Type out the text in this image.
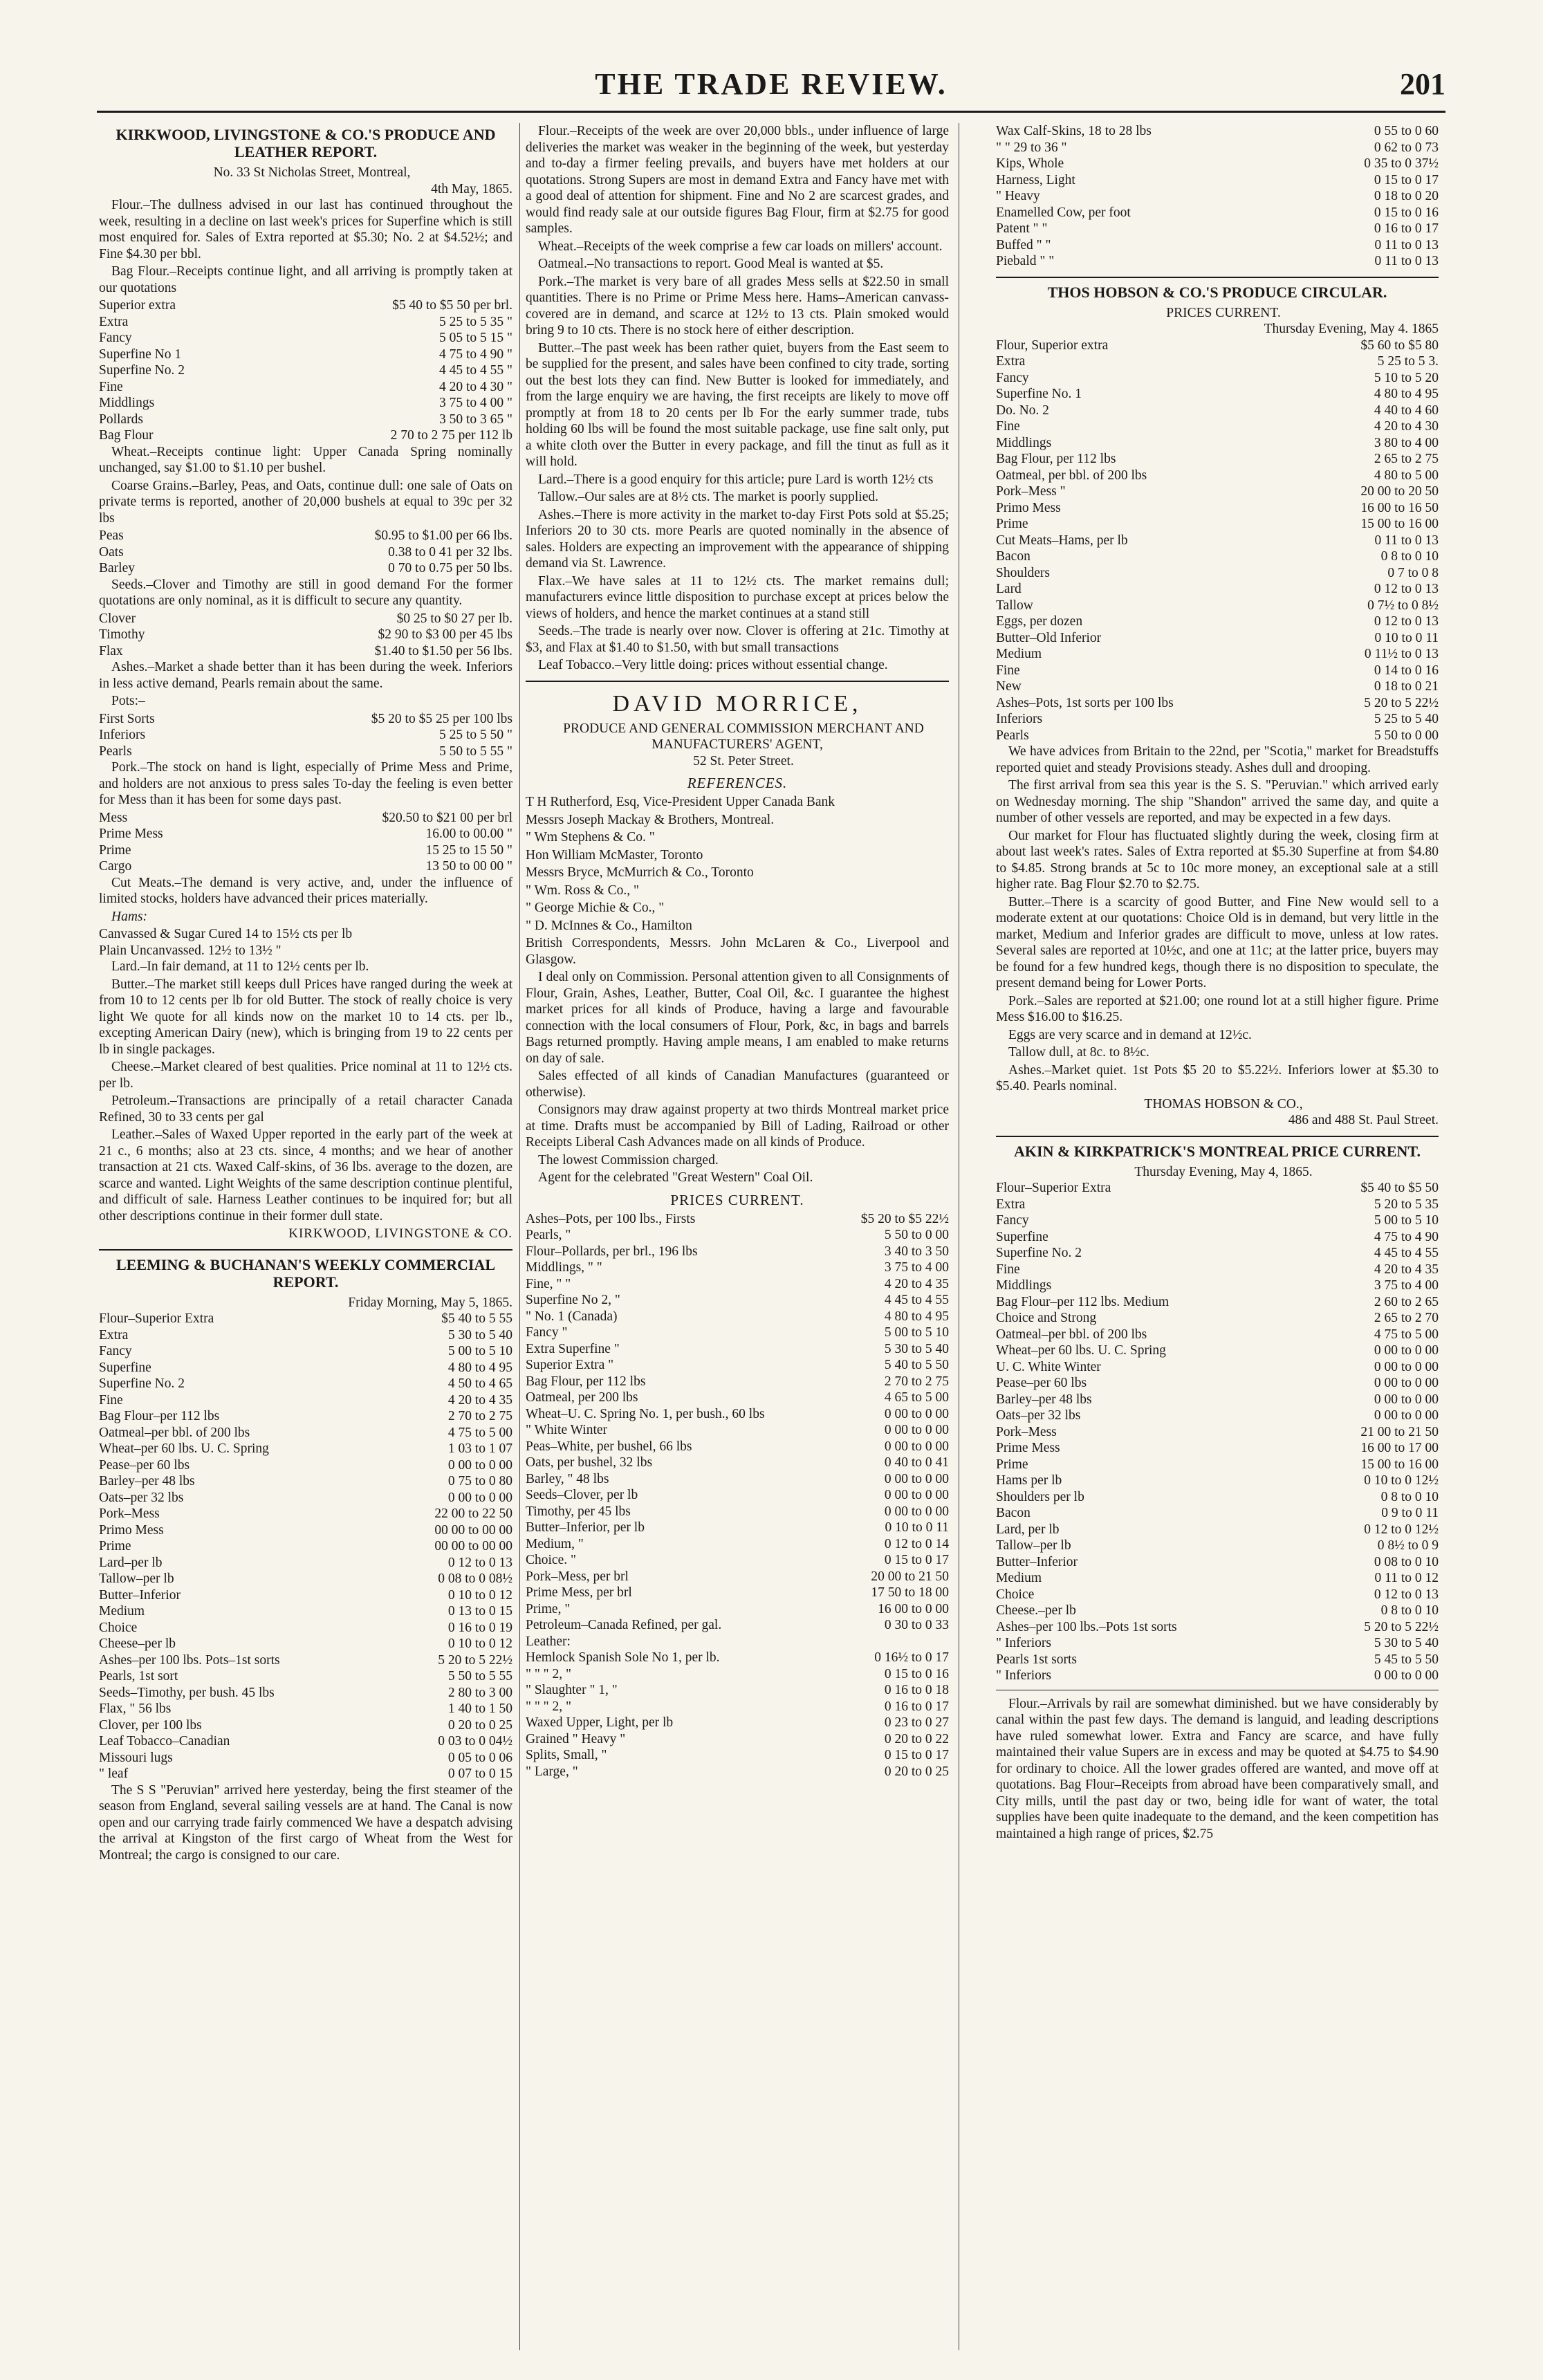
THE TRADE REVIEW.	201
KIRKWOOD, LIVINGSTONE & CO.'S PRODUCE AND LEATHER REPORT.

No. 33 St Nicholas Street, Montreal,

4th May, 1865.

Flour.–The dullness advised in our last has continued throughout the week, resulting in a decline on last week's prices for Superfine which is still most enquired for. Sales of Extra reported at $5.30; No. 2 at $4.52½; and Fine $4.30 per bbl.

Bag Flour.–Receipts continue light, and all arriving is promptly taken at our quotations

Superior extra	$5 40 to $5 50 per brl.
Extra	5 25 to 5 35 "
Fancy	5 05 to 5 15 "
Superfine No 1	4 75 to 4 90 "
Superfine No. 2	4 45 to 4 55 "
Fine	4 20 to 4 30 "
Middlings	3 75 to 4 00 "
Pollards	3 50 to 3 65 "
Bag Flour	2 70 to 2 75 per 112 lb

Wheat.–Receipts continue light: Upper Canada Spring nominally unchanged, say $1.00 to $1.10 per bushel.

Coarse Grains.–Barley, Peas, and Oats, continue dull: one sale of Oats on private terms is reported, another of 20,000 bushels at equal to 39c per 32 lbs

Peas	$0.95 to $1.00 per 66 lbs.
Oats	0.38 to 0 41 per 32 lbs.
Barley	0 70 to 0.75 per 50 lbs.

Seeds.–Clover and Timothy are still in good demand For the former quotations are only nominal, as it is difficult to secure any quantity.

Clover	$0 25 to $0 27 per lb.
Timothy	$2 90 to $3 00 per 45 lbs
Flax	$1.40 to $1.50 per 56 lbs.

Ashes.–Market a shade better than it has been during the week. Inferiors in less active demand, Pearls remain about the same.

Pots:–

First Sorts	$5 20 to $5 25 per 100 lbs
Inferiors	5 25 to 5 50 "
Pearls	5 50 to 5 55 "

Pork.–The stock on hand is light, especially of Prime Mess and Prime, and holders are not anxious to press sales To-day the feeling is even better for Mess than it has been for some days past.

Mess	$20.50 to $21 00 per brl
Prime Mess	16.00 to 00.00 "
Prime	15 25 to 15 50 "
Cargo	13 50 to 00 00 "

Cut Meats.–The demand is very active, and, under the influence of limited stocks, holders have advanced their prices materially.

Hams:

Canvassed & Sugar Cured 14 to 15½ cts per lb	
Plain Uncanvassed. 12½ to 13½ "	

Lard.–In fair demand, at 11 to 12½ cents per lb.

Butter.–The market still keeps dull Prices have ranged during the week at from 10 to 12 cents per lb for old Butter. The stock of really choice is very light We quote for all kinds now on the market 10 to 14 cts. per lb., excepting American Dairy (new), which is bringing from 19 to 22 cents per lb in single packages.

Cheese.–Market cleared of best qualities. Price nominal at 11 to 12½ cts. per lb.

Petroleum.–Transactions are principally of a retail character Canada Refined, 30 to 33 cents per gal

Leather.–Sales of Waxed Upper reported in the early part of the week at 21 c., 6 months; also at 23 cts. since, 4 months; and we hear of another transaction at 21 cts. Waxed Calf-skins, of 36 lbs. average to the dozen, are scarce and wanted. Light Weights of the same description continue plentiful, and difficult of sale. Harness Leather continues to be inquired for; but all other descriptions continue in their former dull state.

KIRKWOOD, LIVINGSTONE & CO.

LEEMING & BUCHANAN'S WEEKLY COMMERCIAL REPORT.

Friday Morning, May 5, 1865.

Flour–Superior Extra	$5 40 to 5 55
Extra	5 30 to 5 40
Fancy	5 00 to 5 10
Superfine	4 80 to 4 95
Superfine No. 2	4 50 to 4 65
Fine	4 20 to 4 35
Bag Flour–per 112 lbs	2 70 to 2 75
Oatmeal–per bbl. of 200 lbs	4 75 to 5 00
Wheat–per 60 lbs. U. C. Spring	1 03 to 1 07
Pease–per 60 lbs	0 00 to 0 00
Barley–per 48 lbs	0 75 to 0 80
Oats–per 32 lbs	0 00 to 0 00
Pork–Mess	22 00 to 22 50
Primo Mess	00 00 to 00 00
Prime	00 00 to 00 00
Lard–per lb	0 12 to 0 13
Tallow–per lb	0 08 to 0 08½
Butter–Inferior	0 10 to 0 12
Medium	0 13 to 0 15
Choice	0 16 to 0 19
Cheese–per lb	0 10 to 0 12
Ashes–per 100 lbs. Pots–1st sorts	5 20 to 5 22½
Pearls, 1st sort	5 50 to 5 55
Seeds–Timothy, per bush. 45 lbs	2 80 to 3 00
Flax, " 56 lbs	1 40 to 1 50
Clover, per 100 lbs	0 20 to 0 25
Leaf Tobacco–Canadian	0 03 to 0 04½
Missouri lugs	0 05 to 0 06
" leaf	0 07 to 0 15

The S S "Peruvian" arrived here yesterday, being the first steamer of the season from England, several sailing vessels are at hand. The Canal is now open and our carrying trade fairly commenced We have a despatch advising the arrival at Kingston of the first cargo of Wheat from the West for Montreal; the cargo is consigned to our care.

Flour.–Receipts of the week are over 20,000 bbls., under influence of large deliveries the market was weaker in the beginning of the week, but yesterday and to-day a firmer feeling prevails, and buyers have met holders at our quotations. Strong Supers are most in demand Extra and Fancy have met with a good deal of attention for shipment. Fine and No 2 are scarcest grades, and would find ready sale at our outside figures Bag Flour, firm at $2.75 for good samples.

Wheat.–Receipts of the week comprise a few car loads on millers' account.

Oatmeal.–No transactions to report. Good Meal is wanted at $5.

Pork.–The market is very bare of all grades Mess sells at $22.50 in small quantities. There is no Prime or Prime Mess here. Hams–American canvass-covered are in demand, and scarce at 12½ to 13 cts. Plain smoked would bring 9 to 10 cts. There is no stock here of either description.

Butter.–The past week has been rather quiet, buyers from the East seem to be supplied for the present, and sales have been confined to city trade, sorting out the best lots they can find. New Butter is looked for immediately, and from the large enquiry we are having, the first receipts are likely to move off promptly at from 18 to 20 cents per lb For the early summer trade, tubs holding 60 lbs will be found the most suitable package, use fine salt only, put a white cloth over the Butter in every package, and fill the tinut as full as it will hold.

Lard.–There is a good enquiry for this article; pure Lard is worth 12½ cts

Tallow.–Our sales are at 8½ cts. The market is poorly supplied.

Ashes.–There is more activity in the market to-day First Pots sold at $5.25; Inferiors 20 to 30 cts. more Pearls are quoted nominally in the absence of sales. Holders are expecting an improvement with the appearance of shipping demand via St. Lawrence.

Flax.–We have sales at 11 to 12½ cts. The market remains dull; manufacturers evince little disposition to purchase except at prices below the views of holders, and hence the market continues at a stand still

Seeds.–The trade is nearly over now. Clover is offering at 21c. Timothy at $3, and Flax at $1.40 to $1.50, with but small transactions

Leaf Tobacco.–Very little doing: prices without essential change.

DAVID MORRICE,

PRODUCE AND GENERAL COMMISSION MERCHANT AND MANUFACTURERS' AGENT,

52 St. Peter Street.

REFERENCES.

T H Rutherford, Esq, Vice-President Upper Canada Bank

Messrs Joseph Mackay & Brothers, Montreal.

" Wm Stephens & Co. "

Hon William McMaster, Toronto

Messrs Bryce, McMurrich & Co., Toronto

" Wm. Ross & Co., "

" George Michie & Co., "

" D. McInnes & Co., Hamilton

British Correspondents, Messrs. John McLaren & Co., Liverpool and Glasgow.

I deal only on Commission. Personal attention given to all Consignments of Flour, Grain, Ashes, Leather, Butter, Coal Oil, &c. I guarantee the highest market prices for all kinds of Produce, having a large and favourable connection with the local consumers of Flour, Pork, &c, in bags and barrels Bags returned promptly. Having ample means, I am enabled to make returns on day of sale.

Sales effected of all kinds of Canadian Manufactures (guaranteed or otherwise).

Consignors may draw against property at two thirds Montreal market price at time. Drafts must be accompanied by Bill of Lading, Railroad or other Receipts Liberal Cash Advances made on all kinds of Produce.

The lowest Commission charged.

Agent for the celebrated "Great Western" Coal Oil.

PRICES CURRENT.
Ashes–Pots, per 100 lbs., Firsts	$5 20 to $5 22½
Pearls, "	5 50 to 0 00
Flour–Pollards, per brl., 196 lbs	3 40 to 3 50
Middlings, " "	3 75 to 4 00
Fine, " "	4 20 to 4 35
Superfine No 2, "	4 45 to 4 55
" No. 1 (Canada)	4 80 to 4 95
Fancy "	5 00 to 5 10
Extra Superfine "	5 30 to 5 40
Superior Extra "	5 40 to 5 50
Bag Flour, per 112 lbs	2 70 to 2 75
Oatmeal, per 200 lbs	4 65 to 5 00
Wheat–U. C. Spring No. 1, per bush., 60 lbs	0 00 to 0 00
" White Winter	0 00 to 0 00
Peas–White, per bushel, 66 lbs	0 00 to 0 00
Oats, per bushel, 32 lbs	0 40 to 0 41
Barley, " 48 lbs	0 00 to 0 00
Seeds–Clover, per lb	0 00 to 0 00
Timothy, per 45 lbs	0 00 to 0 00
Butter–Inferior, per lb	0 10 to 0 11
Medium, "	0 12 to 0 14
Choice. "	0 15 to 0 17
Pork–Mess, per brl	20 00 to 21 50
Prime Mess, per brl	17 50 to 18 00
Prime, "	16 00 to 0 00
Petroleum–Canada Refined, per gal.	0 30 to 0 33
Leather:	
Hemlock Spanish Sole No 1, per lb.	0 16½ to 0 17
" " " 2, "	0 15 to 0 16
" Slaughter " 1, "	0 16 to 0 18
" " " 2, "	0 16 to 0 17
Waxed Upper, Light, per lb	0 23 to 0 27
Grained " Heavy "	0 20 to 0 22
Splits, Small, "	0 15 to 0 17
" Large, "	0 20 to 0 25
Wax Calf-Skins, 18 to 28 lbs	0 55 to 0 60
" " 29 to 36 "	0 62 to 0 73
Kips, Whole	0 35 to 0 37½
Harness, Light	0 15 to 0 17
" Heavy	0 18 to 0 20
Enamelled Cow, per foot	0 15 to 0 16
Patent " "	0 16 to 0 17
Buffed " "	0 11 to 0 13
Piebald " "	0 11 to 0 13
THOS HOBSON & CO.'S PRODUCE CIRCULAR.

PRICES CURRENT.

Thursday Evening, May 4. 1865

Flour, Superior extra	$5 60 to $5 80
Extra	5 25 to 5 3.
Fancy	5 10 to 5 20
Superfine No. 1	4 80 to 4 95
Do. No. 2	4 40 to 4 60
Fine	4 20 to 4 30
Middlings	3 80 to 4 00
Bag Flour, per 112 lbs	2 65 to 2 75
Oatmeal, per bbl. of 200 lbs	4 80 to 5 00
Pork–Mess "	20 00 to 20 50
Primo Mess	16 00 to 16 50
Prime	15 00 to 16 00
Cut Meats–Hams, per lb	0 11 to 0 13
Bacon	0 8 to 0 10
Shoulders	0 7 to 0 8
Lard	0 12 to 0 13
Tallow	0 7½ to 0 8½
Eggs, per dozen	0 12 to 0 13
Butter–Old Inferior	0 10 to 0 11
Medium	0 11½ to 0 13
Fine	0 14 to 0 16
New	0 18 to 0 21
Ashes–Pots, 1st sorts per 100 lbs	5 20 to 5 22½
Inferiors	5 25 to 5 40
Pearls	5 50 to 0 00

We have advices from Britain to the 22nd, per "Scotia," market for Breadstuffs reported quiet and steady Provisions steady. Ashes dull and drooping.

The first arrival from sea this year is the S. S. "Peruvian." which arrived early on Wednesday morning. The ship "Shandon" arrived the same day, and quite a number of other vessels are reported, and may be expected in a few days.

Our market for Flour has fluctuated slightly during the week, closing firm at about last week's rates. Sales of Extra reported at $5.30 Superfine at from $4.80 to $4.85. Strong brands at 5c to 10c more money, an exceptional sale at a still higher rate. Bag Flour $2.70 to $2.75.

Butter.–There is a scarcity of good Butter, and Fine New would sell to a moderate extent at our quotations: Choice Old is in demand, but very little in the market, Medium and Inferior grades are difficult to move, unless at low rates. Several sales are reported at 10½c, and one at 11c; at the latter price, buyers may be found for a few hundred kegs, though there is no disposition to speculate, the present demand being for Lower Ports.

Pork.–Sales are reported at $21.00; one round lot at a still higher figure. Prime Mess $16.00 to $16.25.

Eggs are very scarce and in demand at 12½c.

Tallow dull, at 8c. to 8½c.

Ashes.–Market quiet. 1st Pots $5 20 to $5.22½. Inferiors lower at $5.30 to $5.40. Pearls nominal.

THOMAS HOBSON & CO.,

486 and 488 St. Paul Street.

AKIN & KIRKPATRICK'S MONTREAL PRICE CURRENT.

Thursday Evening, May 4, 1865.

Flour–Superior Extra	$5 40 to $5 50
Extra	5 20 to 5 35
Fancy	5 00 to 5 10
Superfine	4 75 to 4 90
Superfine No. 2	4 45 to 4 55
Fine	4 20 to 4 35
Middlings	3 75 to 4 00
Bag Flour–per 112 lbs. Medium	2 60 to 2 65
Choice and Strong	2 65 to 2 70
Oatmeal–per bbl. of 200 lbs	4 75 to 5 00
Wheat–per 60 lbs. U. C. Spring	0 00 to 0 00
U. C. White Winter	0 00 to 0 00
Pease–per 60 lbs	0 00 to 0 00
Barley–per 48 lbs	0 00 to 0 00
Oats–per 32 lbs	0 00 to 0 00
Pork–Mess	21 00 to 21 50
Prime Mess	16 00 to 17 00
Prime	15 00 to 16 00
Hams per lb	0 10 to 0 12½
Shoulders per lb	0 8 to 0 10
Bacon	0 9 to 0 11
Lard, per lb	0 12 to 0 12½
Tallow–per lb	0 8½ to 0 9
Butter–Inferior	0 08 to 0 10
Medium	0 11 to 0 12
Choice	0 12 to 0 13
Cheese.–per lb	0 8 to 0 10
Ashes–per 100 lbs.–Pots 1st sorts	5 20 to 5 22½
" Inferiors	5 30 to 5 40
Pearls 1st sorts	5 45 to 5 50
" Inferiors	0 00 to 0 00

Flour.–Arrivals by rail are somewhat diminished. but we have considerably by canal within the past few days. The demand is languid, and leading descriptions have ruled somewhat lower. Extra and Fancy are scarce, and have fully maintained their value Supers are in excess and may be quoted at $4.75 to $4.90 for ordinary to choice. All the lower grades offered are wanted, and move off at quotations. Bag Flour–Receipts from abroad have been comparatively small, and City mills, until the past day or two, being idle for want of water, the total supplies have been quite inadequate to the demand, and the keen competition has maintained a high range of prices, $2.75
